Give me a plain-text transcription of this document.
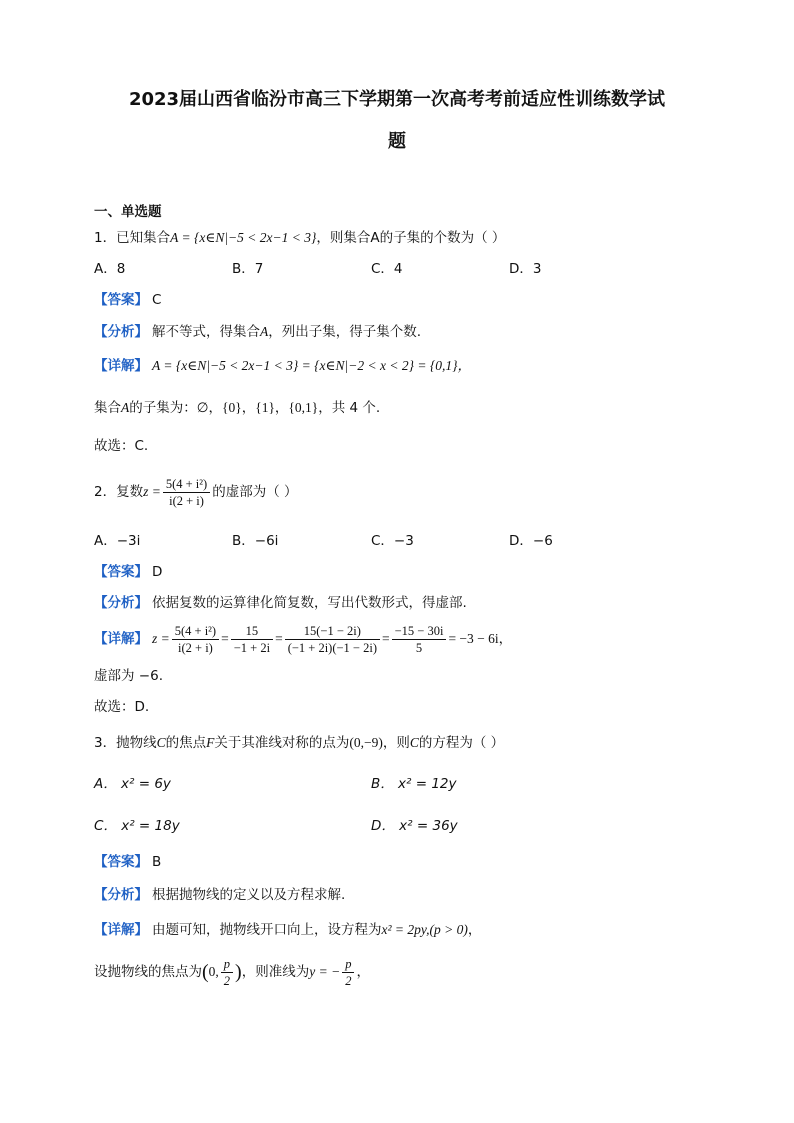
2023届山西省临汾市高三下学期第一次高考考前适应性训练数学试
题
一、单选题
1．已知集合A = {x∈N|−5 < 2x−1 < 3}，则集合A的子集的个数为（ ）
A．8	B．7	C．4	D．3
【答案】 C
【分析】 解不等式，得集合A，列出子集，得子集个数.
【详解】 A = {x∈N|−5 < 2x−1 < 3} = {x∈N|−2 < x < 2} = {0,1}，
集合A的子集为：∅，{0}，{1}，{0,1}，共 4 个.
故选：C.
2．复数$z = \frac{\text{5(4 + i²)}}{i(2 + i)}$ 的虚部为（ ）
A．−3i	B．−6i	C．−3	D．−6
【答案】 D
【分析】 依据复数的运算律化简复数，写出代数形式，得虚部.
【详解】 $z = \frac{\text{5(4 + i²)}}{i(2 + i)} = \frac{15}{-1 + 2i} = \frac{15(-1 - 2i)}{(-1 + 2i)(-1 - 2i)} = \frac{-15 - 30i}{5} = -3 - 6i$，
虚部为 −6.
故选：D.
3．抛物线C的焦点F关于其准线对称的点为(0,−9)，则C的方程为（ ）
A． x² = 6y	B． x² = 12y
C． x² = 18y	D． x² = 36y
【答案】 B
【分析】 根据抛物线的定义以及方程求解.
【详解】 由题可知，抛物线开口向上，设方程为x² = 2py,(p > 0)，
设抛物线的焦点为(0, $\frac{p}{2}$ )，则准线为y = − $\frac{p}{2}$ ，
